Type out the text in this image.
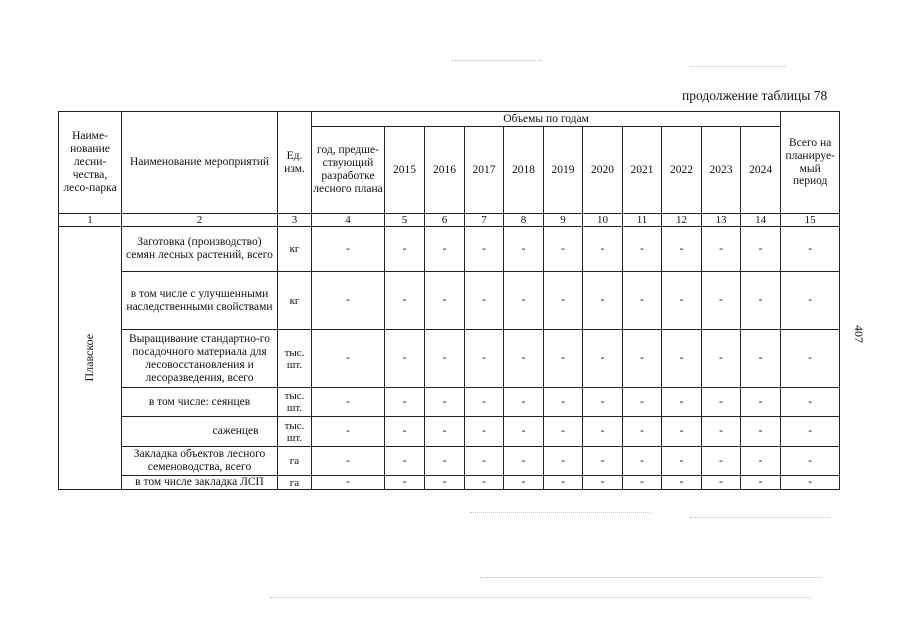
продолжение таблицы 78
407
Наиме-нование лесни-чества, лесо-парка	Наименование мероприятий	Ед. изм.	Объемы по годам											Всего на планируе-мый период
			год, предше-ствующий разработке лесного плана	2015	2016	2017	2018	2019	2020	2021	2022	2023	2024	
1	2	3	4	5	6	7	8	9	10	11	12	13	14	15
Плавское	Заготовка (производство) семян лесных растений, всего	кг	-	-	-	-	-	-	-	-	-	-	-	-
	в том числе с улучшенными наследственными свойствами	кг	-	-	-	-	-	-	-	-	-	-	-	-
	Выращивание стандартно-го посадочного материала для лесовосстановления и лесоразведения, всего	тыс. шт.	-	-	-	-	-	-	-	-	-	-	-	-
	в том числе: сеянцев	тыс. шт.	-	-	-	-	-	-	-	-	-	-	-	-
	саженцев	тыс. шт.	-	-	-	-	-	-	-	-	-	-	-	-
	Закладка объектов лесного семеноводства, всего	га	-	-	-	-	-	-	-	-	-	-	-	-
	в том числе закладка ЛСП	га	-	-	-	-	-	-	-	-	-	-	-	-
